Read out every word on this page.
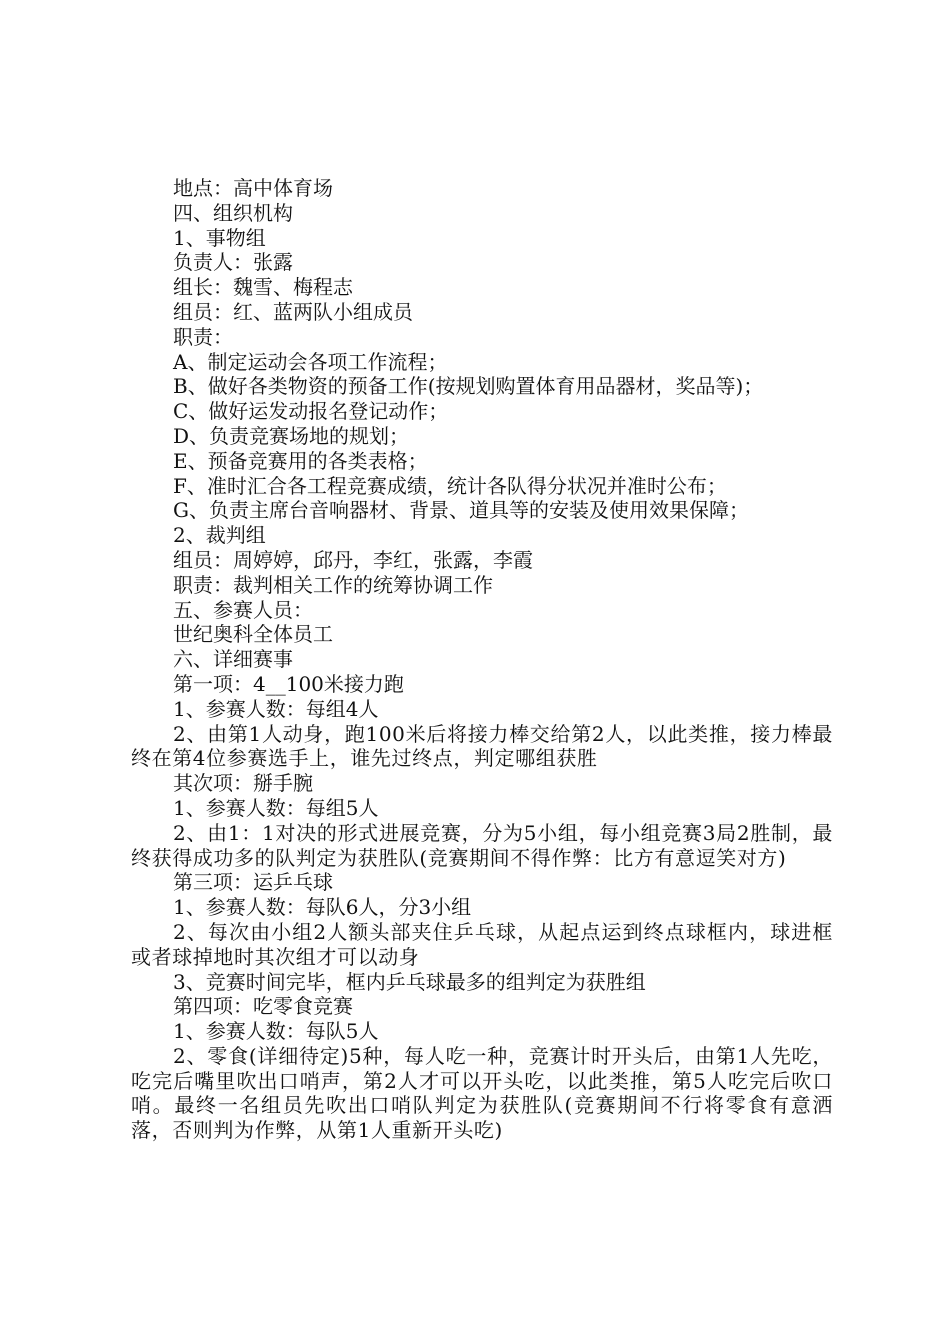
地点：高中体育场

四、组织机构

1、事物组

负责人：张露

组长：魏雪、梅程志

组员：红、蓝两队小组成员

职责：

A、制定运动会各项工作流程；

B、做好各类物资的预备工作(按规划购置体育用品器材，奖品等)；

C、做好运发动报名登记动作；

D、负责竞赛场地的规划；

E、预备竞赛用的各类表格；

F、准时汇合各工程竞赛成绩，统计各队得分状况并准时公布；

G、负责主席台音响器材、背景、道具等的安装及使用效果保障；

2、裁判组

组员：周婷婷，邱丹，李红，张露，李霞

职责：裁判相关工作的统筹协调工作

五、参赛人员：

世纪奥科全体员工

六、详细赛事

第一项：4__100米接力跑

1、参赛人数：每组4人

2、由第1人动身，跑100米后将接力棒交给第2人，以此类推，接力棒最终在第4位参赛选手上，谁先过终点，判定哪组获胜

其次项：掰手腕

1、参赛人数：每组5人

2、由1：1对决的形式进展竞赛，分为5小组，每小组竞赛3局2胜制，最终获得成功多的队判定为获胜队(竞赛期间不得作弊：比方有意逗笑对方)

第三项：运乒乓球

1、参赛人数：每队6人，分3小组

2、每次由小组2人额头部夹住乒乓球，从起点运到终点球框内，球进框或者球掉地时其次组才可以动身

3、竞赛时间完毕，框内乒乓球最多的组判定为获胜组

第四项：吃零食竞赛

1、参赛人数：每队5人

2、零食(详细待定)5种，每人吃一种，竞赛计时开头后，由第1人先吃，吃完后嘴里吹出口哨声，第2人才可以开头吃，以此类推，第5人吃完后吹口哨。最终一名组员先吹出口哨队判定为获胜队(竞赛期间不行将零食有意洒落，否则判为作弊，从第1人重新开头吃)
